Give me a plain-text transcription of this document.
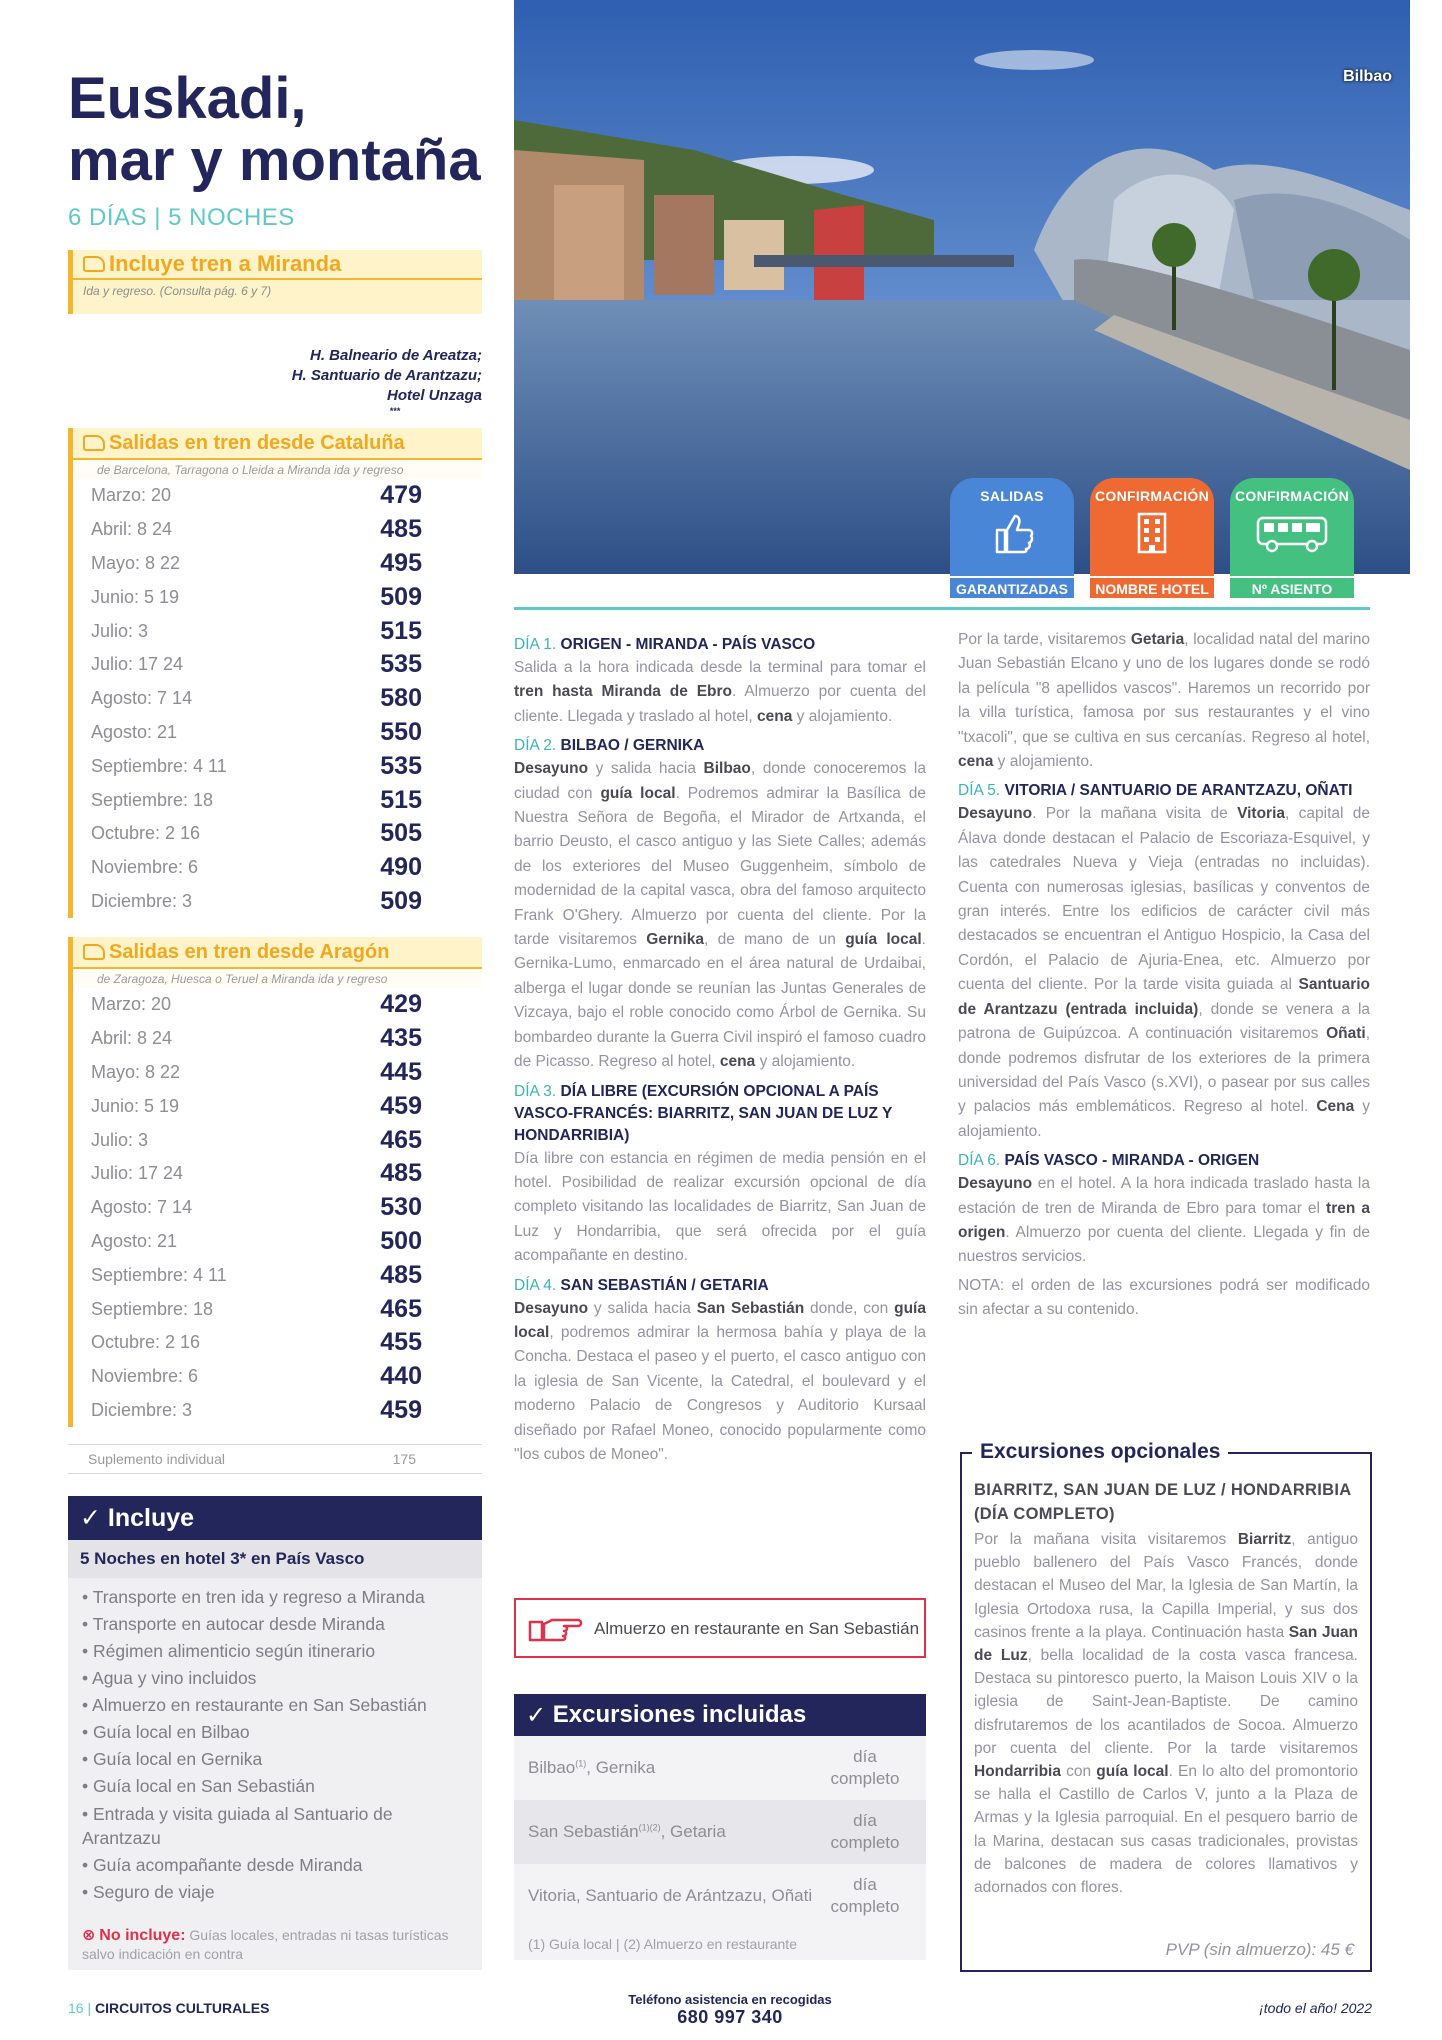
Euskadi,
mar y montaña
6 DÍAS | 5 NOCHES
Incluye tren a Miranda
Ida y regreso. (Consulta pág. 6 y 7)
H. Balneario de Areatza;
H. Santuario de Arantzazu;
Hotel Unzaga
***
Salidas en tren desde Cataluña
de Barcelona, Tarragona o Lleida a Miranda ida y regreso
Marzo: 20	479
Abril: 8 24	485
Mayo: 8 22	495
Junio: 5 19	509
Julio: 3	515
Julio: 17 24	535
Agosto: 7 14	580
Agosto: 21	550
Septiembre: 4 11	535
Septiembre: 18	515
Octubre: 2 16	505
Noviembre: 6	490
Diciembre: 3	509
Salidas en tren desde Aragón
de Zaragoza, Huesca o Teruel a Miranda ida y regreso
Marzo: 20	429
Abril: 8 24	435
Mayo: 8 22	445
Junio: 5 19	459
Julio: 3	465
Julio: 17 24	485
Agosto: 7 14	530
Agosto: 21	500
Septiembre: 4 11	485
Septiembre: 18	465
Octubre: 2 16	455
Noviembre: 6	440
Diciembre: 3	459
Suplemento individual	175
✓ Incluye
5 Noches en hotel 3* en País Vasco
• Transporte en tren ida y regreso a Miranda
• Transporte en autocar desde Miranda
• Régimen alimenticio según itinerario
• Agua y vino incluidos
• Almuerzo en restaurante en San Sebastián
• Guía local en Bilbao
• Guía local en Gernika
• Guía local en San Sebastián
• Entrada y visita guiada al Santuario de Arantzazu
• Guía acompañante desde Miranda
• Seguro de viaje
⊗ No incluye: Guías locales, entradas ni tasas turísticas salvo indicación en contra
Bilbao
SALIDAS
GARANTIZADAS
CONFIRMACIÓN
NOMBRE HOTEL
CONFIRMACIÓN
Nº ASIENTO
DÍA 1. ORIGEN - MIRANDA - PAÍS VASCO

Salida a la hora indicada desde la terminal para tomar el tren hasta Miranda de Ebro. Almuerzo por cuenta del cliente. Llegada y traslado al hotel, cena y alojamiento.

DÍA 2. BILBAO / GERNIKA

Desayuno y salida hacia Bilbao, donde conoceremos la ciudad con guía local. Podremos admirar la Basílica de Nuestra Señora de Begoña, el Mirador de Artxanda, el barrio Deusto, el casco antiguo y las Siete Calles; además de los exteriores del Museo Guggenheim, símbolo de modernidad de la capital vasca, obra del famoso arquitecto Frank O'Ghery. Almuerzo por cuenta del cliente. Por la tarde visitaremos Gernika, de mano de un guía local. Gernika-Lumo, enmarcado en el área natural de Urdaibai, alberga el lugar donde se reunían las Juntas Generales de Vizcaya, bajo el roble conocido como Árbol de Gernika. Su bombardeo durante la Guerra Civil inspiró el famoso cuadro de Picasso. Regreso al hotel, cena y alojamiento.

DÍA 3. DÍA LIBRE (EXCURSIÓN OPCIONAL A PAÍS VASCO-FRANCÉS: BIARRITZ, SAN JUAN DE LUZ Y HONDARRIBIA)

Día libre con estancia en régimen de media pensión en el hotel. Posibilidad de realizar excursión opcional de día completo visitando las localidades de Biarritz, San Juan de Luz y Hondarribia, que será ofrecida por el guía acompañante en destino.

DÍA 4. SAN SEBASTIÁN / GETARIA

Desayuno y salida hacia San Sebastián donde, con guía local, podremos admirar la hermosa bahía y playa de la Concha. Destaca el paseo y el puerto, el casco antiguo con la iglesia de San Vicente, la Catedral, el boulevard y el moderno Palacio de Congresos y Auditorio Kursaal diseñado por Rafael Moneo, conocido popularmente como "los cubos de Moneo".

Almuerzo en restaurante en San Sebastián
✓ Excursiones incluidas
Bilbao$^{(1)}$, Gernika
día completo
San Sebastián$^{(1)(2)}$, Getaria
día completo
Vitoria, Santuario de Arántzazu, Oñati
día completo
(1) Guía local | (2) Almuerzo en restaurante

Por la tarde, visitaremos Getaria, localidad natal del marino Juan Sebastián Elcano y uno de los lugares donde se rodó la película "8 apellidos vascos". Haremos un recorrido por la villa turística, famosa por sus restaurantes y el vino "txacoli", que se cultiva en sus cercanías. Regreso al hotel, cena y alojamiento.

DÍA 5. VITORIA / SANTUARIO DE ARANTZAZU, OÑATI

Desayuno. Por la mañana visita de Vitoria, capital de Álava donde destacan el Palacio de Escoriaza-Esquivel, y las catedrales Nueva y Vieja (entradas no incluidas). Cuenta con numerosas iglesias, basílicas y conventos de gran interés. Entre los edificios de carácter civil más destacados se encuentran el Antiguo Hospicio, la Casa del Cordón, el Palacio de Ajuria-Enea, etc. Almuerzo por cuenta del cliente. Por la tarde visita guiada al Santuario de Arantzazu (entrada incluida), donde se venera a la patrona de Guipúzcoa. A continuación visitaremos Oñati, donde podremos disfrutar de los exteriores de la primera universidad del País Vasco (s.XVI), o pasear por sus calles y palacios más emblemáticos. Regreso al hotel. Cena y alojamiento.

DÍA 6. PAÍS VASCO - MIRANDA - ORIGEN

Desayuno en el hotel. A la hora indicada traslado hasta la estación de tren de Miranda de Ebro para tomar el tren a origen. Almuerzo por cuenta del cliente. Llegada y fin de nuestros servicios.

NOTA: el orden de las excursiones podrá ser modificado sin afectar a su contenido.

Excursiones opcionales
BIARRITZ, SAN JUAN DE LUZ / HONDARRIBIA (DÍA COMPLETO)
Por la mañana visita visitaremos Biarritz, antiguo pueblo ballenero del País Vasco Francés, donde destacan el Museo del Mar, la Iglesia de San Martín, la Iglesia Ortodoxa rusa, la Capilla Imperial, y sus dos casinos frente a la playa. Continuación hasta San Juan de Luz, bella localidad de la costa vasca francesa. Destaca su pintoresco puerto, la Maison Louis XIV o la iglesia de Saint-Jean-Baptiste. De camino disfrutaremos de los acantilados de Socoa. Almuerzo por cuenta del cliente. Por la tarde visitaremos Hondarribia con guía local. En lo alto del promontorio se halla el Castillo de Carlos V, junto a la Plaza de Armas y la Iglesia parroquial. En el pesquero barrio de la Marina, destacan sus casas tradicionales, provistas de balcones de madera de colores llamativos y adornados con flores.
PVP (sin almuerzo): 45 €
16 | CIRCUITOS CULTURALES
Teléfono asistencia en recogidas
680 997 340	¡todo el año! 2022
